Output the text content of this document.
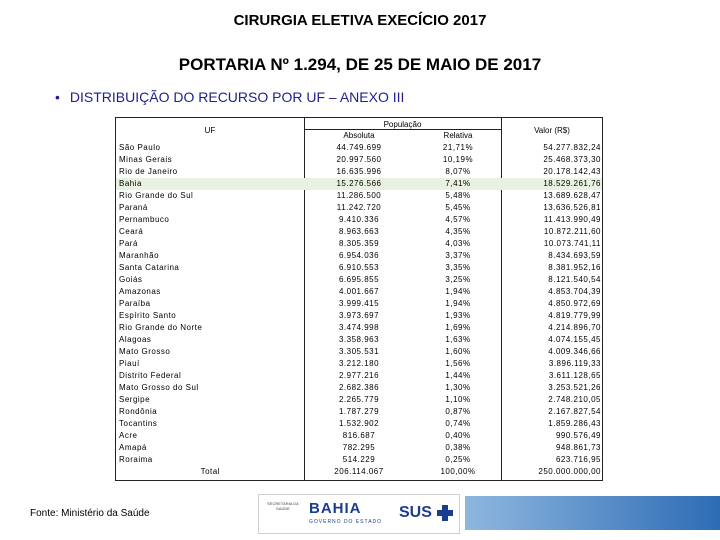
CIRURGIA ELETIVA EXECÍCIO 2017
PORTARIA Nº 1.294, DE 25 DE MAIO DE 2017
• DISTRIBUIÇÃO DO RECURSO POR UF – ANEXO III
UF
População
Absoluta	Relativa
Valor (R$)
São Paulo	44.749.699	21,71%	54.277.832,24
Minas Gerais	20.997.560	10,19%	25.468.373,30
Rio de Janeiro	16.635.996	8,07%	20.178.142,43
Bahia	15.276.566	7,41%	18.529.261,76
Rio Grande do Sul	11.286.500	5,48%	13.689.628,47
Paraná	11.242.720	5,45%	13.636.526,81
Pernambuco	9.410.336	4,57%	11.413.990,49
Ceará	8.963.663	4,35%	10.872.211,60
Pará	8.305.359	4,03%	10.073.741,11
Maranhão	6.954.036	3,37%	8.434.693,59
Santa Catarina	6.910.553	3,35%	8.381.952,16
Goiás	6.695.855	3,25%	8.121.540,54
Amazonas	4.001.667	1,94%	4.853.704,39
Paraíba	3.999.415	1,94%	4.850.972,69
Espírito Santo	3.973.697	1,93%	4.819.779,99
Rio Grande do Norte	3.474.998	1,69%	4.214.896,70
Alagoas	3.358.963	1,63%	4.074.155,45
Mato Grosso	3.305.531	1,60%	4.009.346,66
Piauí	3.212.180	1,56%	3.896.119,33
Distrito Federal	2.977.216	1,44%	3.611.128,65
Mato Grosso do Sul	2.682.386	1,30%	3.253.521,26
Sergipe	2.265.779	1,10%	2.748.210,05
Rondônia	1.787.279	0,87%	2.167.827,54
Tocantins	1.532.902	0,74%	1.859.286,43
Acre	816.687	0,40%	990.576,49
Amapá	782.295	0,38%	948.861,73
Roraima	514.229	0,25%	623.716,95
Total	206.114.067	100,00%	250.000.000,00
Fonte: Ministério da Saúde
SECRETARIA DA SAÚDE	BAHIA
GOVERNO DO ESTADO
SUS
